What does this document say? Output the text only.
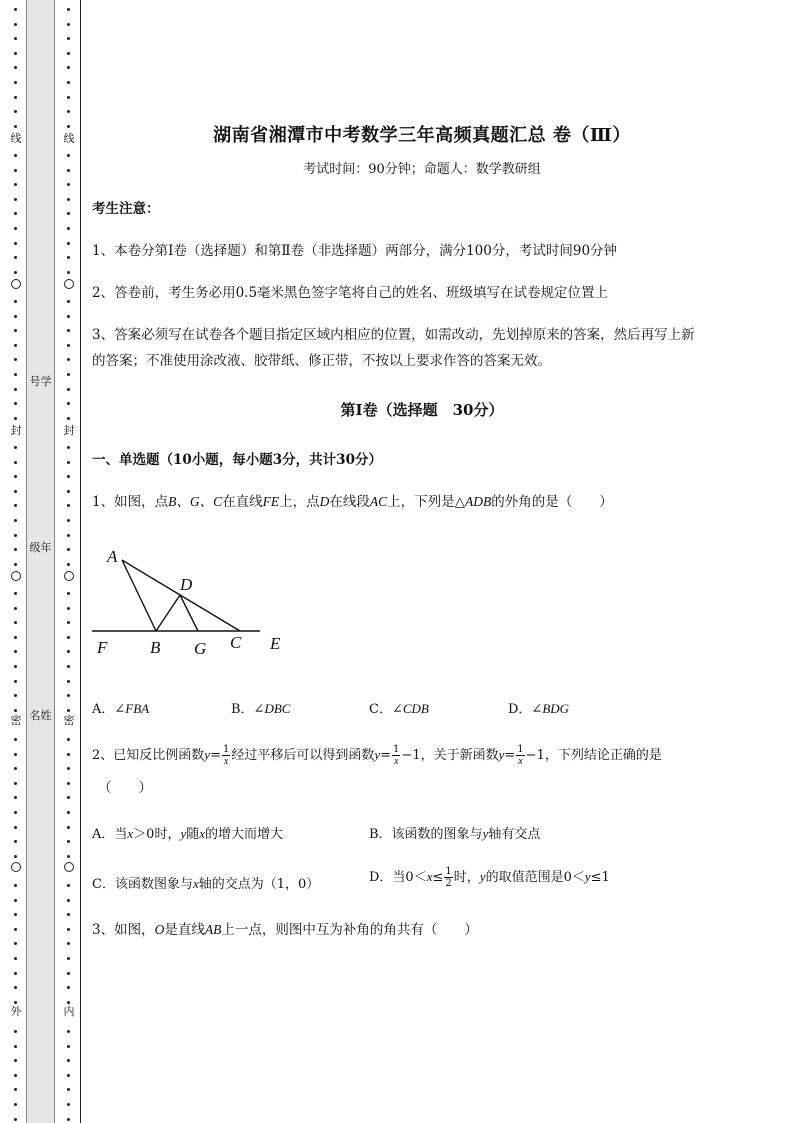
线
封
密
外
号学
级年
名姓
线
封
密
内
湖南省湘潭市中考数学三年高频真题汇总 卷（Ⅲ）
考试时间：90分钟；命题人：数学教研组
考生注意：
1、本卷分第Ⅰ卷（选择题）和第Ⅱ卷（非选择题）两部分，满分100分，考试时间90分钟
2、答卷前，考生务必用0.5毫米黑色签字笔将自己的姓名、班级填写在试卷规定位置上
3、答案必须写在试卷各个题目指定区域内相应的位置，如需改动，先划掉原来的答案，然后再写上新
的答案；不准使用涂改液、胶带纸、修正带，不按以上要求作答的答案无效。
第Ⅰ卷（选择题　30分）
一、单选题（10小题，每小题3分，共计30分）
1、如图，点B、G、C在直线FE上，点D在线段AC上，下列是△ADB的外角的是（　　）
A
D
F	B G C E
A．∠FBA	B．∠DBC	C．∠CDB	D．∠BDG
2、已知反比例函数$y= \frac{1}{x}$ 经过平移后可以得到函数$y= \frac{1}{x} -1$，关于新函数$y= \frac{1}{x} -1$，下列结论正确的是
（　　）
A．当x＞0时，y随x的增大而增大	B．该函数的图象与y轴有交点
C．该函数图象与x轴的交点为（1，0）	D．当$0<x\le \frac{1}{2}$ 时，y的取值范围是0＜y≤1
3、如图，O是直线AB上一点，则图中互为补角的角共有（　　）
